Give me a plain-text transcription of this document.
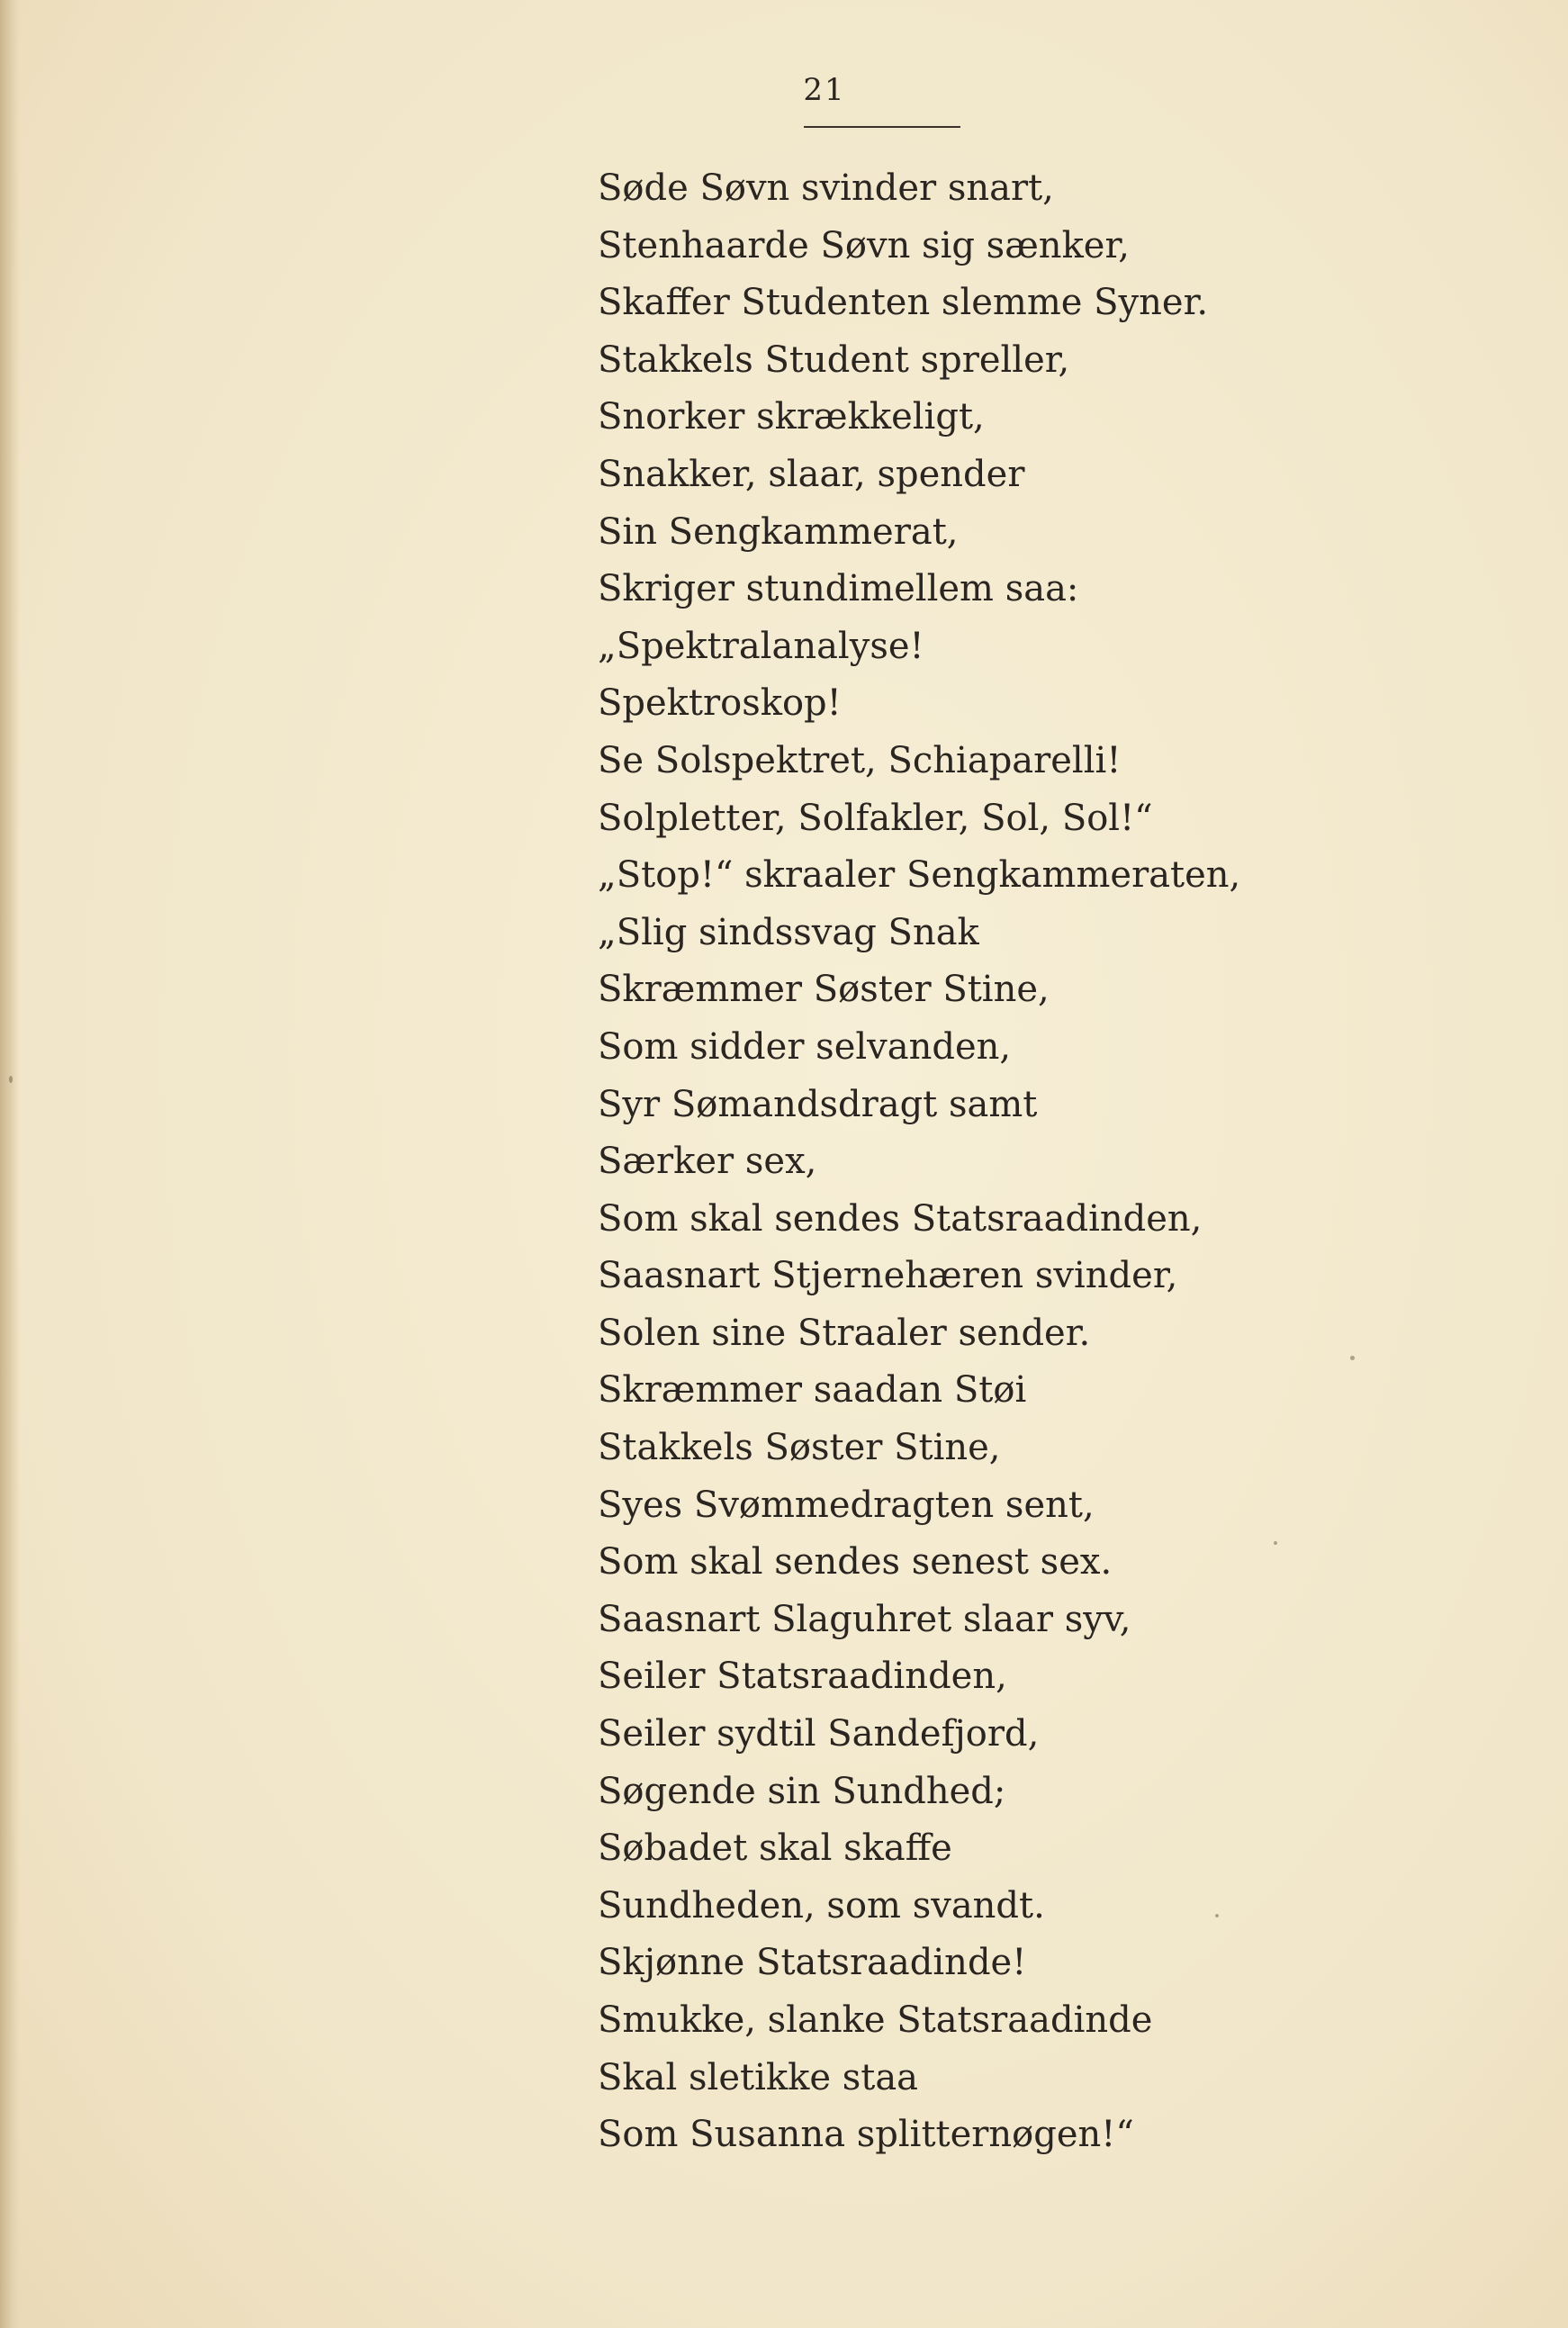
21
Søde Søvn svinder snart,
Stenhaarde Søvn sig sænker,
Skaffer Studenten slemme Syner.
Stakkels Student spreller,
Snorker skrækkeligt,
Snakker, slaar, spender
Sin Sengkammerat,
Skriger stundimellem saa:
„Spektralanalyse!
Spektroskop!
Se Solspektret, Schiaparelli!
Solpletter, Solfakler, Sol, Sol!“
„Stop!“ skraaler Sengkammeraten,
„Slig sindssvag Snak
Skræmmer Søster Stine,
Som sidder selvanden,
Syr Sømandsdragt samt
Særker sex,
Som skal sendes Statsraadinden,
Saasnart Stjernehæren svinder,
Solen sine Straaler sender.
Skræmmer saadan Støi
Stakkels Søster Stine,
Syes Svømmedragten sent,
Som skal sendes senest sex.
Saasnart Slaguhret slaar syv,
Seiler Statsraadinden,
Seiler sydtil Sandefjord,
Søgende sin Sundhed;
Søbadet skal skaffe
Sundheden, som svandt.
Skjønne Statsraadinde!
Smukke, slanke Statsraadinde
Skal sletikke staa
Som Susanna splitternøgen!“
